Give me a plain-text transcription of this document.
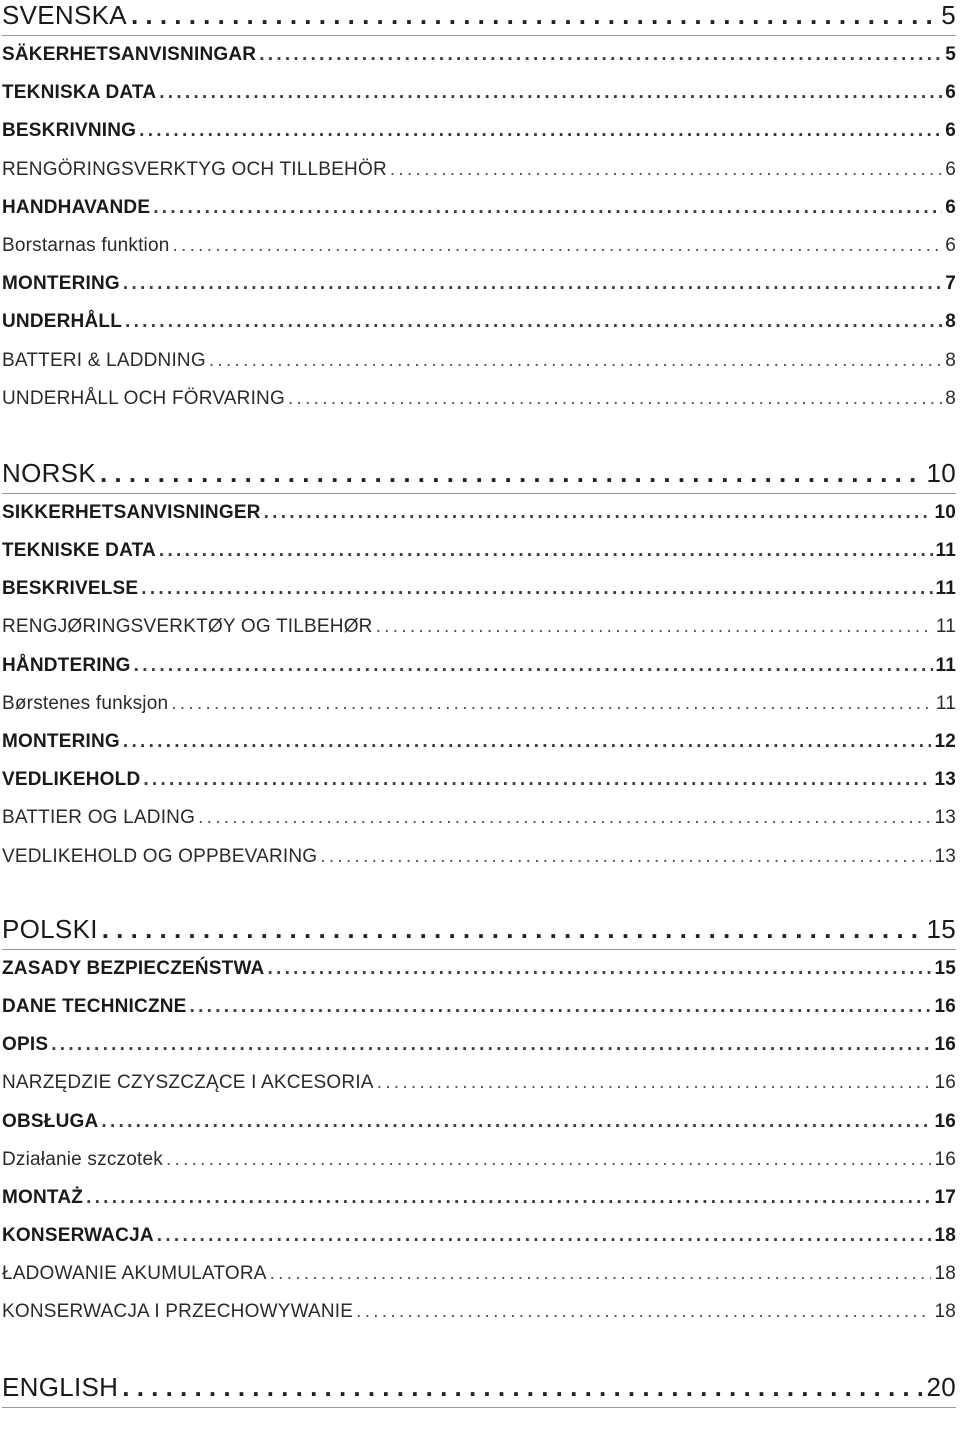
SVENSKA . . .	5
SÄKERHETSANVISNINGAR . . .	5
TEKNISKA DATA . . .	6
BESKRIVNING . . .	6
RENGÖRINGSVERKTYG OCH TILLBEHÖR . . .	6
HANDHAVANDE . . .	6
Borstarnas funktion . . .	6
MONTERING . . .	7
UNDERHÅLL . . .	8
BATTERI & LADDNING . . .	8
UNDERHÅLL OCH FÖRVARING . . .	8
NORSK . . .	10
SIKKERHETSANVISNINGER . . .	10
TEKNISKE DATA . . .	11
BESKRIVELSE . . .	11
RENGJØRINGSVERKTØY OG TILBEHØR . . .	11
HÅNDTERING . . .	11
Børstenes funksjon . . .	11
MONTERING . . .	12
VEDLIKEHOLD . . .	13
BATTIER OG LADING . . .	13
VEDLIKEHOLD OG OPPBEVARING . . .	13
POLSKI . . .	15
ZASADY BEZPIECZEŃSTWA . . .	15
DANE TECHNICZNE . . .	16
OPIS . . .	16
NARZĘDZIE CZYSZCZĄCE I AKCESORIA . . .	16
OBSŁUGA . . .	16
Działanie szczotek . . .	16
MONTAŻ . . .	17
KONSERWACJA . . .	18
ŁADOWANIE AKUMULATORA . . .	18
KONSERWACJA I PRZECHOWYWANIE . . .	18
ENGLISH . . .	20
